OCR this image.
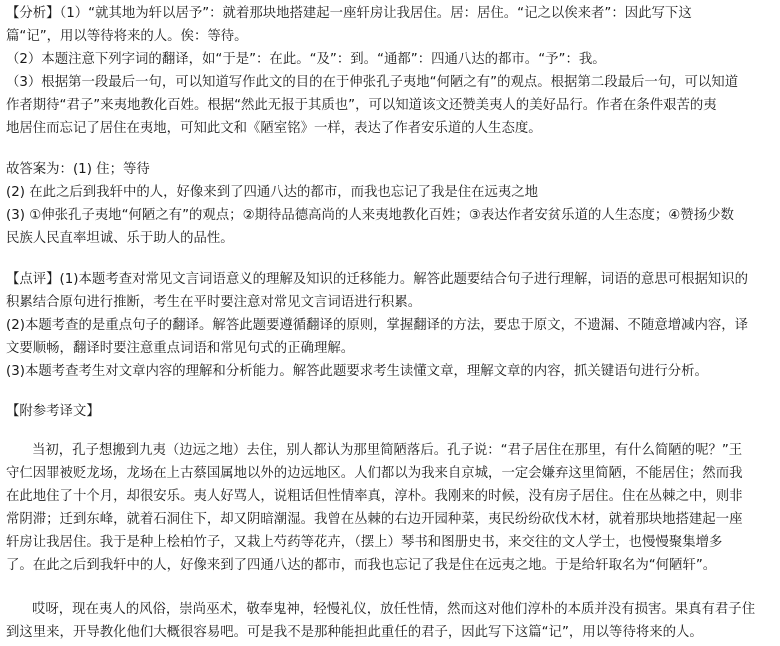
【分析】（1）“就其地为轩以居予”：就着那块地搭建起一座轩房让我居住。居：居住。“记之以俟来者”：因此写下这
篇“记”，用以等待将来的人。俟：等待。
（2）本题注意下列字词的翻译，如“于是”：在此。“及”：到。“通都”：四通八达的都市。“予”：我。
（3）根据第一段最后一句，可以知道写作此文的目的在于伸张孔子夷地“何陋之有”的观点。根据第二段最后一句，可以知道
作者期待“君子”来夷地教化百姓。根据“然此无报于其质也”，可以知道该文还赞美夷人的美好品行。作者在条件艰苦的夷
地居住而忘记了居住在夷地，可知此文和《陋室铭》一样，表达了作者安乐道的人生态度。
故答案为：(1) 住；等待
(2) 在此之后到我轩中的人，好像来到了四通八达的都市，而我也忘记了我是住在远夷之地
(3) ①伸张孔子夷地“何陋之有”的观点；②期待品德高尚的人来夷地教化百姓；③表达作者安贫乐道的人生态度；④赞扬少数
民族人民直率坦诚、乐于助人的品性。
【点评】(1)本题考查对常见文言词语意义的理解及知识的迁移能力。解答此题要结合句子进行理解，词语的意思可根据知识的
积累结合原句进行推断，考生在平时要注意对常见文言词语进行积累。
(2)本题考查的是重点句子的翻译。解答此题要遵循翻译的原则，掌握翻译的方法，要忠于原文，不遗漏、不随意增减内容，译
文要顺畅，翻译时要注意重点词语和常见句式的正确理解。
(3)本题考查考生对文章内容的理解和分析能力。解答此题要求考生读懂文章，理解文章的内容，抓关键语句进行分析。
【附参考译文】
当初，孔子想搬到九夷（边远之地）去住，别人都认为那里简陋落后。孔子说：“君子居住在那里，有什么简陋的呢？”王
守仁因罪被贬龙场，龙场在上古蔡国属地以外的边远地区。人们都以为我来自京城，一定会嫌弃这里简陋，不能居住；然而我
在此地住了十个月，却很安乐。夷人好骂人，说粗话但性情率真，淳朴。我刚来的时候，没有房子居住。住在丛棘之中，则非
常阴滞；迁到东峰，就着石洞住下，却又阴暗潮湿。我曾在丛棘的右边开园种菜，夷民纷纷砍伐木材，就着那块地搭建起一座
轩房让我居住。我于是种上桧柏竹子，又栽上芍药等花卉，（摆上）琴书和图册史书，来交往的文人学士，也慢慢聚集增多
了。在此之后到我轩中的人，好像来到了四通八达的都市，而我也忘记了我是住在远夷之地。于是给轩取名为“何陋轩”。
哎呀，现在夷人的风俗，崇尚巫术，敬奉鬼神，轻慢礼仪，放任性情，然而这对他们淳朴的本质并没有损害。果真有君子住
到这里来，开导教化他们大概很容易吧。可是我不是那种能担此重任的君子，因此写下这篇“记”，用以等待将来的人。
